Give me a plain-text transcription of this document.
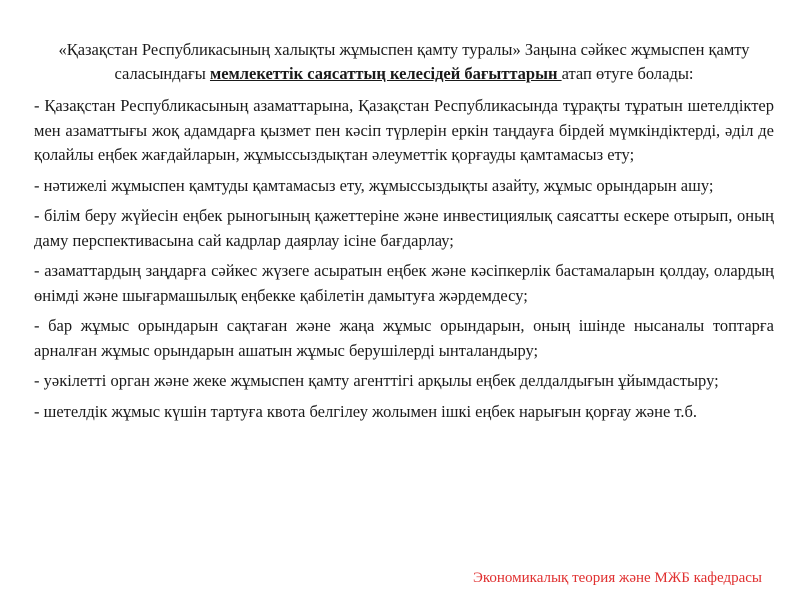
«Қазақстан Республикасының халықты жұмыспен қамту туралы» Заңына сәйкес жұмыспен қамту саласындағы мемлекеттік саясаттың келесідей бағыттарын атап өтуге болады:

- Қазақстан Республикасының азаматтарына, Қазақстан Республикасында тұрақты тұратын шетелдіктер мен азаматтығы жоқ адамдарға қызмет пен кәсіп түрлерін еркін таңдауға бірдей мүмкіндіктерді, әділ де қолайлы еңбек жағдайларын, жұмыссыздықтан әлеуметтік қорғауды қамтамасыз ету;

- нәтижелі жұмыспен қамтуды қамтамасыз ету, жұмыссыздықты азайту, жұмыс орындарын ашу;

- білім беру жүйесін еңбек рыногының қажеттеріне және инвестициялық саясатты ескере отырып, оның даму перспективасына сай кадрлар даярлау ісіне бағдарлау;

- азаматтардың заңдарға сәйкес жүзеге асыратын еңбек және кәсіпкерлік бастамаларын қолдау, олардың өнімді және шығармашылық еңбекке қабілетін дамытуға жәрдемдесу;

- бар жұмыс орындарын сақтаған және жаңа жұмыс орындарын, оның ішінде нысаналы топтарға арналған жұмыс орындарын ашатын жұмыс берушілерді ынталандыру;

- уәкілетті орган және жеке жұмыспен қамту агенттігі арқылы еңбек делдалдығын ұйымдастыру;

- шетелдік жұмыс күшін тартуға квота белгілеу жолымен ішкі еңбек нарығын қорғау және т.б.

Экономикалық теория және МЖБ кафедрасы
